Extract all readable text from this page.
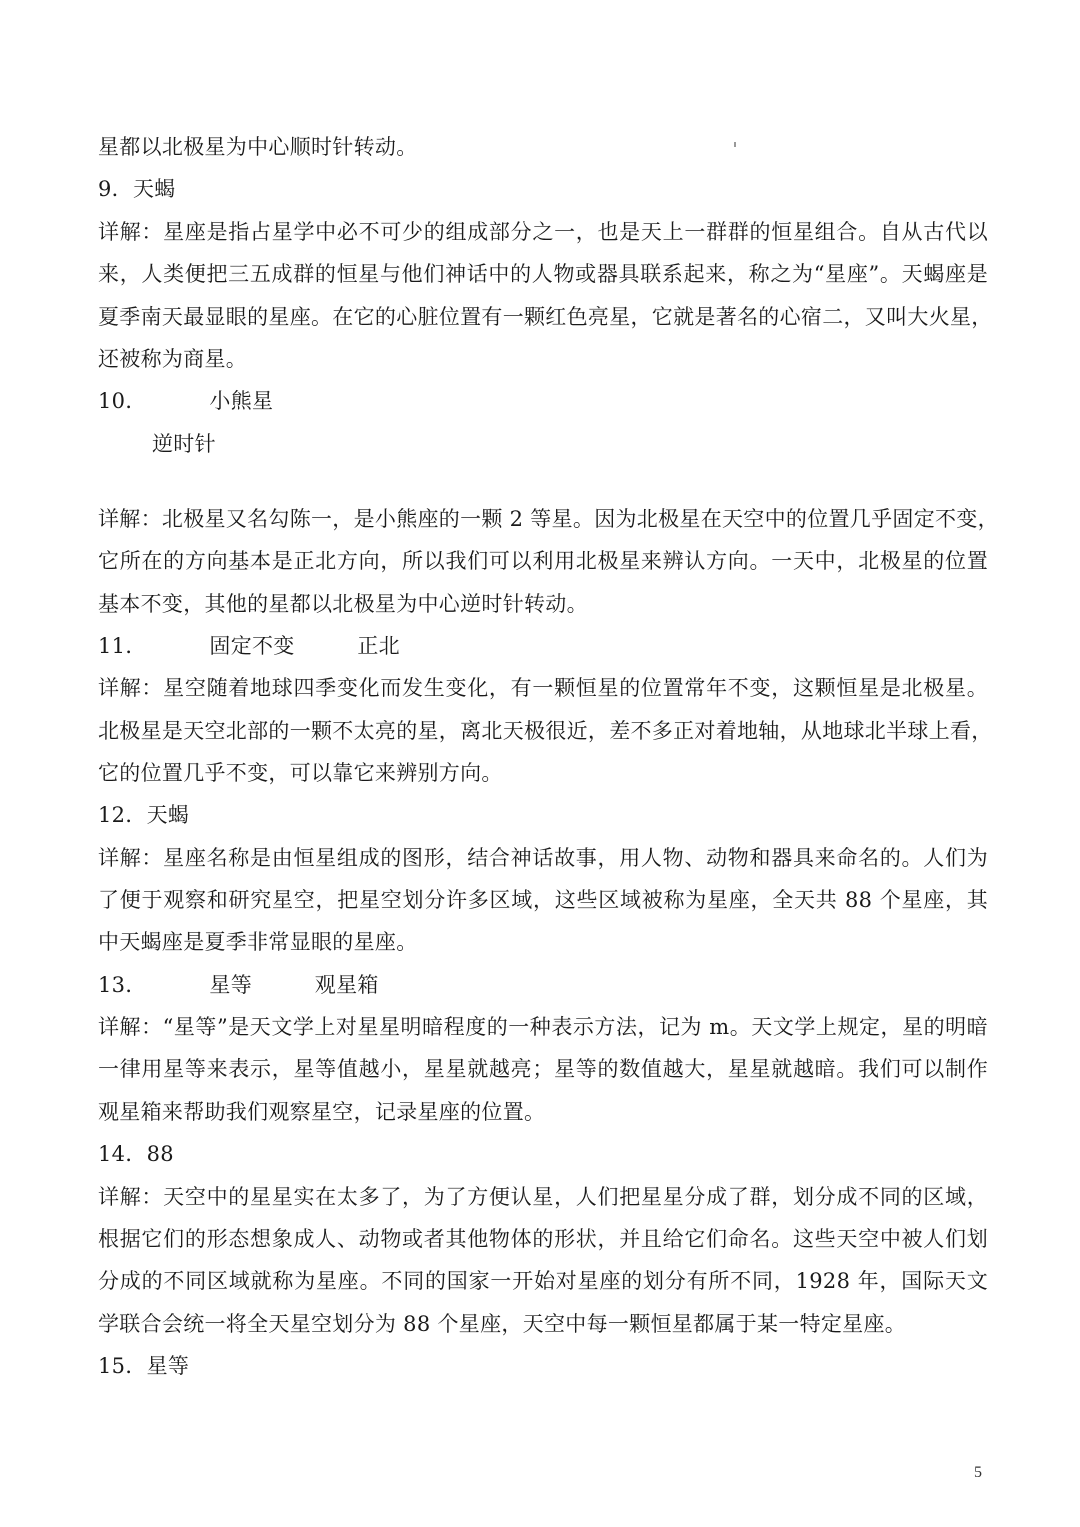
星都以北极星为中心顺时针转动。
9．天蝎
详解：星座是指占星学中必不可少的组成部分之一，也是天上一群群的恒星组合。自从古代以
来，人类便把三五成群的恒星与他们神话中的人物或器具联系起来，称之为“星座”。天蝎座是
夏季南天最显眼的星座。在它的心脏位置有一颗红色亮星，它就是著名的心宿二，又叫大火星，
还被称为商星。
10．         小熊星
逆时针
详解：北极星又名勾陈一，是小熊座的一颗 2 等星。因为北极星在天空中的位置几乎固定不变，
它所在的方向基本是正北方向，所以我们可以利用北极星来辨认方向。一天中，北极星的位置
基本不变，其他的星都以北极星为中心逆时针转动。
11．         固定不变         正北
详解：星空随着地球四季变化而发生变化，有一颗恒星的位置常年不变，这颗恒星是北极星。
北极星是天空北部的一颗不太亮的星，离北天极很近，差不多正对着地轴，从地球北半球上看，
它的位置几乎不变，可以靠它来辨别方向。
12．天蝎
详解：星座名称是由恒星组成的图形，结合神话故事，用人物、动物和器具来命名的。人们为
了便于观察和研究星空，把星空划分许多区域，这些区域被称为星座，全天共 88 个星座，其
中天蝎座是夏季非常显眼的星座。
13．         星等         观星箱
详解：“星等”是天文学上对星星明暗程度的一种表示方法，记为 m。天文学上规定，星的明暗
一律用星等来表示，星等值越小，星星就越亮；星等的数值越大，星星就越暗。我们可以制作
观星箱来帮助我们观察星空，记录星座的位置。
14．88
详解：天空中的星星实在太多了，为了方便认星，人们把星星分成了群，划分成不同的区域，
根据它们的形态想象成人、动物或者其他物体的形状，并且给它们命名。这些天空中被人们划
分成的不同区域就称为星座。不同的国家一开始对星座的划分有所不同，1928 年，国际天文
学联合会统一将全天星空划分为 88 个星座，天空中每一颗恒星都属于某一特定星座。
15．星等
5
